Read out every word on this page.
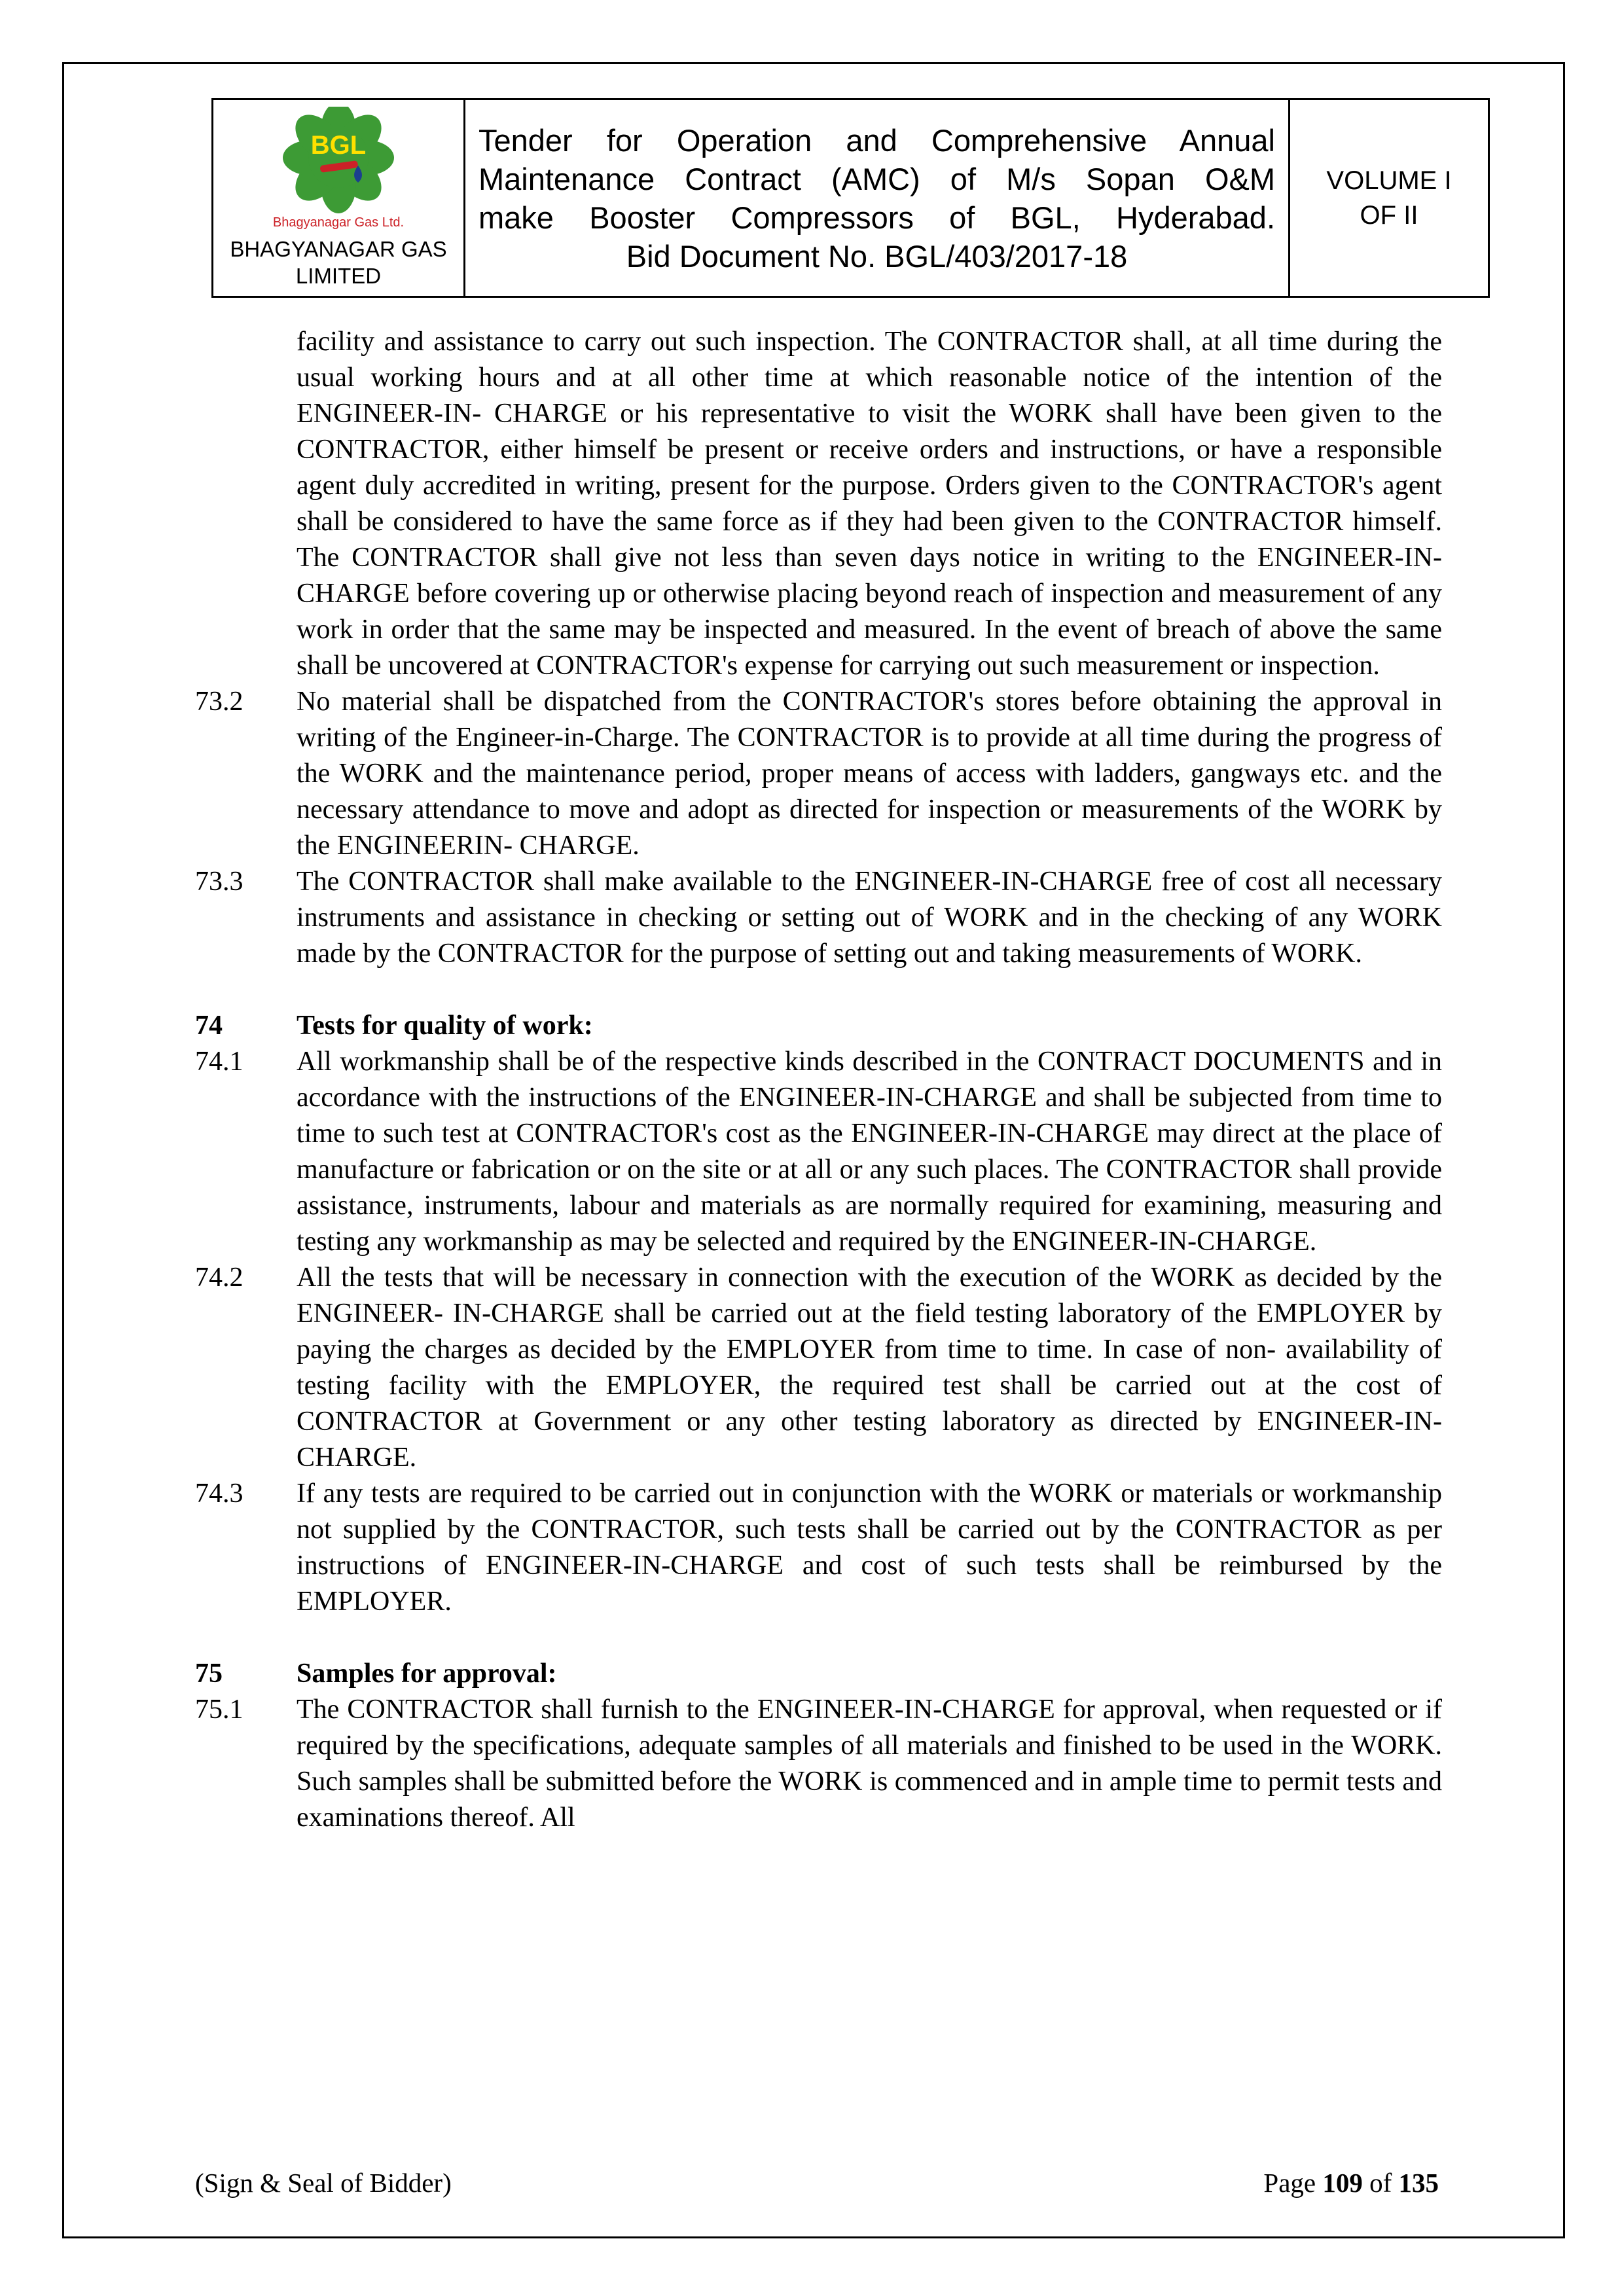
BGL
Bhagyanagar Gas Ltd.
BHAGYANAGAR GAS
LIMITED

Tender for Operation and Comprehensive Annual
Maintenance Contract (AMC) of M/s Sopan O&M
make Booster Compressors of BGL, Hyderabad.
Bid Document No. BGL/403/2017-18

VOLUME I
OF II
facility and assistance to carry out such inspection. The CONTRACTOR shall, at all time during the usual working hours and at all other time at which reasonable notice of the intention of the ENGINEER-IN- CHARGE or his representative to visit the WORK shall have been given to the CONTRACTOR, either himself be present or receive orders and instructions, or have a responsible agent duly accredited in writing, present for the purpose. Orders given to the CONTRACTOR's agent shall be considered to have the same force as if they had been given to the CONTRACTOR himself. The CONTRACTOR shall give not less than seven days notice in writing to the ENGINEER-IN-CHARGE before covering up or otherwise placing beyond reach of inspection and measurement of any work in order that the same may be inspected and measured. In the event of breach of above the same shall be uncovered at CONTRACTOR's expense for carrying out such measurement or inspection.
73.2	No material shall be dispatched from the CONTRACTOR's stores before obtaining the approval in writing of the Engineer-in-Charge. The CONTRACTOR is to provide at all time during the progress of the WORK and the maintenance period, proper means of access with ladders, gangways etc. and the necessary attendance to move and adopt as directed for inspection or measurements of the WORK by the ENGINEERIN- CHARGE.
73.3	The CONTRACTOR shall make available to the ENGINEER-IN-CHARGE free of cost all necessary instruments and assistance in checking or setting out of WORK and in the checking of any WORK made by the CONTRACTOR for the purpose of setting out and taking measurements of WORK.
74	Tests for quality of work:
74.1	All workmanship shall be of the respective kinds described in the CONTRACT DOCUMENTS and in accordance with the instructions of the ENGINEER-IN-CHARGE and shall be subjected from time to time to such test at CONTRACTOR's cost as the ENGINEER-IN-CHARGE may direct at the place of manufacture or fabrication or on the site or at all or any such places. The CONTRACTOR shall provide assistance, instruments, labour and materials as are normally required for examining, measuring and testing any workmanship as may be selected and required by the ENGINEER-IN-CHARGE.
74.2	All the tests that will be necessary in connection with the execution of the WORK as decided by the ENGINEER- IN-CHARGE shall be carried out at the field testing laboratory of the EMPLOYER by paying the charges as decided by the EMPLOYER from time to time. In case of non- availability of testing facility with the EMPLOYER, the required test shall be carried out at the cost of CONTRACTOR at Government or any other testing laboratory as directed by ENGINEER-IN-CHARGE.
74.3	If any tests are required to be carried out in conjunction with the WORK or materials or workmanship not supplied by the CONTRACTOR, such tests shall be carried out by the CONTRACTOR as per instructions of ENGINEER-IN-CHARGE and cost of such tests shall be reimbursed by the EMPLOYER.
75	Samples for approval:
75.1	The CONTRACTOR shall furnish to the ENGINEER-IN-CHARGE for approval, when requested or if required by the specifications, adequate samples of all materials and finished to be used in the WORK. Such samples shall be submitted before the WORK is commenced and in ample time to permit tests and examinations thereof. All
(Sign & Seal of Bidder)	Page 109 of 135
